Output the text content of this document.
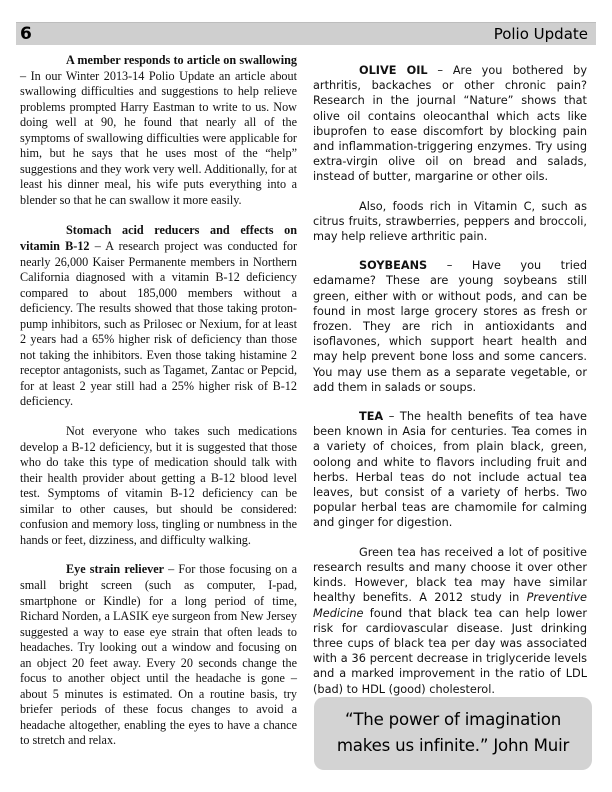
6	Polio Update

A member responds to article on swallowing – In our Winter 2013-14 Polio Update an article about swallowing difficulties and suggestions to help relieve problems prompted Harry Eastman to write to us. Now doing well at 90, he found that nearly all of the symptoms of swallowing difficulties were applicable for him, but he says that he uses most of the “help” suggestions and they work very well. Additionally, for at least his dinner meal, his wife puts everything into a blender so that he can swallow it more easily.

Stomach acid reducers and effects on vitamin B-12 – A research project was conducted for nearly 26,000 Kaiser Permanente members in Northern California diagnosed with a vitamin B-12 deficiency compared to about 185,000 members without a deficiency. The results showed that those taking proton-pump inhibitors, such as Prilosec or Nexium, for at least 2 years had a 65% higher risk of deficiency than those not taking the inhibitors. Even those taking histamine 2 receptor antagonists, such as Tagamet, Zantac or Pepcid, for at least 2 year still had a 25% higher risk of B-12 deficiency.

Not everyone who takes such medications develop a B-12 deficiency, but it is suggested that those who do take this type of medication should talk with their health provider about getting a B-12 blood level test. Symptoms of vitamin B-12 deficiency can be similar to other causes, but should be considered: confusion and memory loss, tingling or numbness in the hands or feet, dizziness, and difficulty walking.

Eye strain reliever – For those focusing on a small bright screen (such as computer, I-pad, smartphone or Kindle) for a long period of time, Richard Norden, a LASIK eye surgeon from New Jersey suggested a way to ease eye strain that often leads to headaches. Try looking out a window and focusing on an object 20 feet away. Every 20 seconds change the focus to another object until the headache is gone – about 5 minutes is estimated. On a routine basis, try briefer periods of these focus changes to avoid a headache altogether, enabling the eyes to have a chance to stretch and relax.

OLIVE OIL – Are you bothered by arthritis, backaches or other chronic pain? Research in the journal “Nature” shows that olive oil contains oleocanthal which acts like ibuprofen to ease discomfort by blocking pain and inflammation-triggering enzymes. Try using extra-virgin olive oil on bread and salads, instead of butter, margarine or other oils.

Also, foods rich in Vitamin C, such as citrus fruits, strawberries, peppers and broccoli, may help relieve arthritic pain.

SOYBEANS – Have you tried edamame? These are young soybeans still green, either with or without pods, and can be found in most large grocery stores as fresh or frozen. They are rich in antioxidants and isoflavones, which support heart health and may help prevent bone loss and some cancers. You may use them as a separate vegetable, or add them in salads or soups.

TEA – The health benefits of tea have been known in Asia for centuries. Tea comes in a variety of choices, from plain black, green, oolong and white to flavors including fruit and herbs. Herbal teas do not include actual tea leaves, but consist of a variety of herbs. Two popular herbal teas are chamomile for calming and ginger for digestion.

Green tea has received a lot of positive research results and many choose it over other kinds. However, black tea may have similar healthy benefits. A 2012 study in Preventive Medicine found that black tea can help lower risk for cardiovascular disease. Just drinking three cups of black tea per day was associated with a 36 percent decrease in triglyceride levels and a marked improvement in the ratio of LDL (bad) to HDL (good) cholesterol.

“The power of imagination
makes us infinite.” John Muir
